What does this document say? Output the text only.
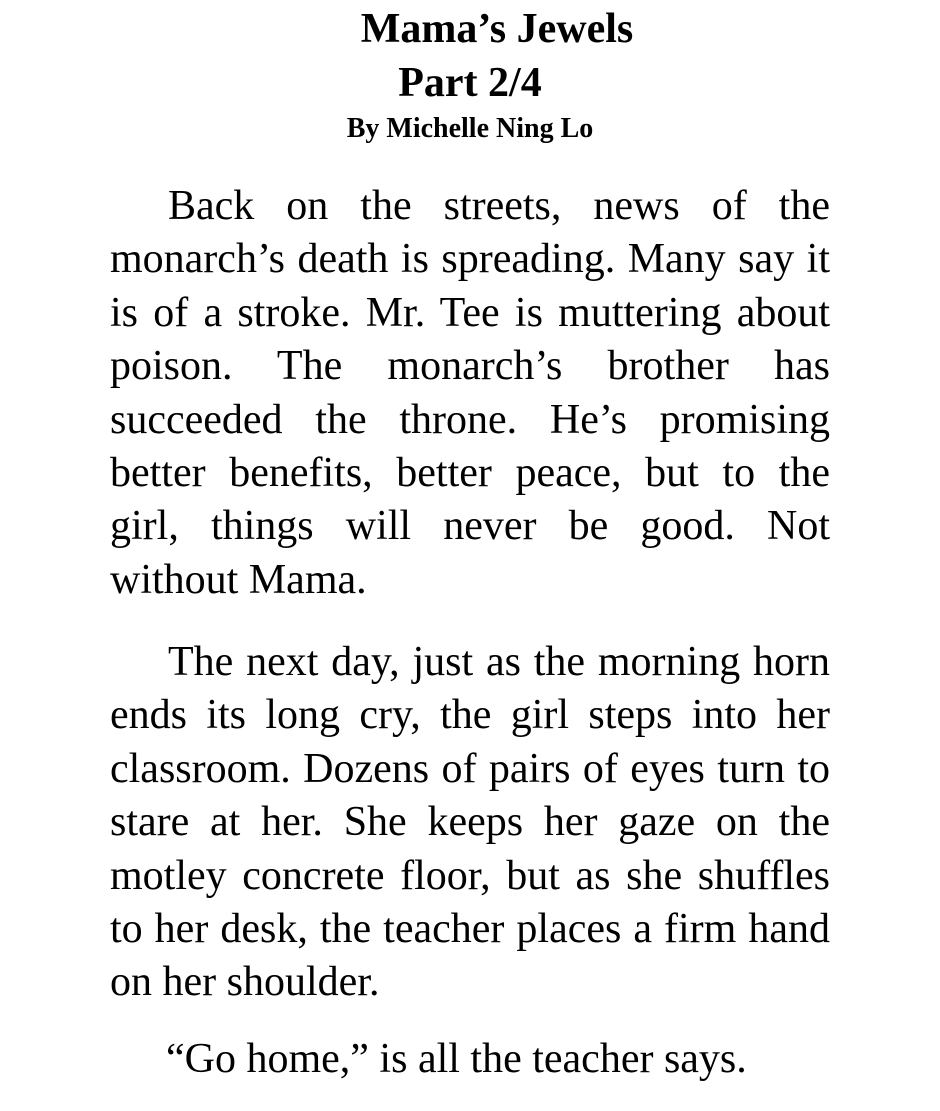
Mama’s Jewels
Part 2/4
By Michelle Ning Lo

Back on the streets, news of the monarch’s death is spreading. Many say it is of a stroke. Mr. Tee is muttering about poison. The monarch’s brother has succeeded the throne. He’s promising better benefits, better peace, but to the girl, things will never be good. Not without Mama.

The next day, just as the morning horn ends its long cry, the girl steps into her classroom. Dozens of pairs of eyes turn to stare at her. She keeps her gaze on the motley concrete floor, but as she shuffles to her desk, the teacher places a firm hand on her shoulder.

“Go home,” is all the teacher says.
